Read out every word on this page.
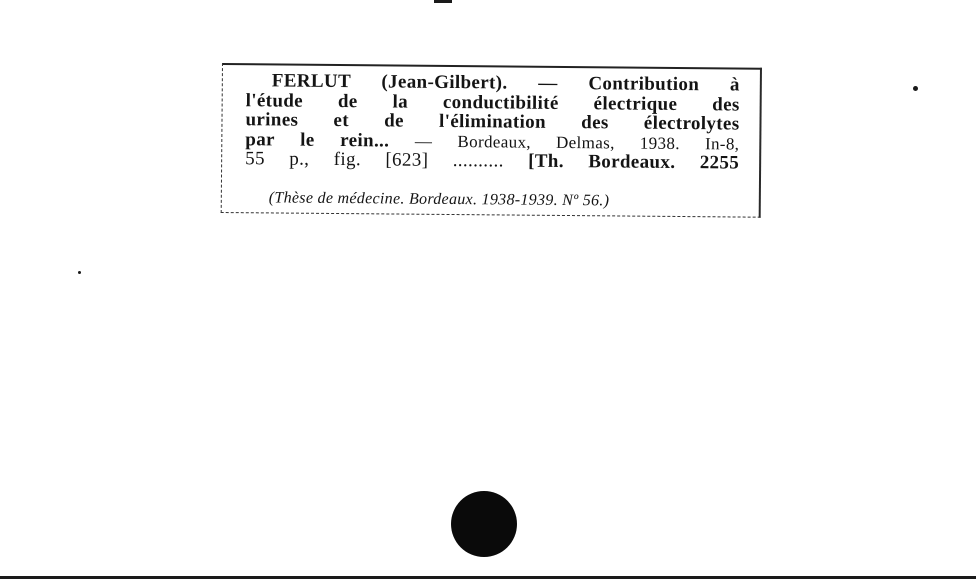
FERLUT (Jean-Gilbert). — Contribution à
l'étude de la conductibilité électrique des
urines et de l'élimination des électrolytes
par le rein... — Bordeaux, Delmas, 1938. In-8,
55 p., fig. [623] .......... [Th. Bordeaux. 2255
(Thèse de médecine. Bordeaux. 1938-1939. Nº 56.)
